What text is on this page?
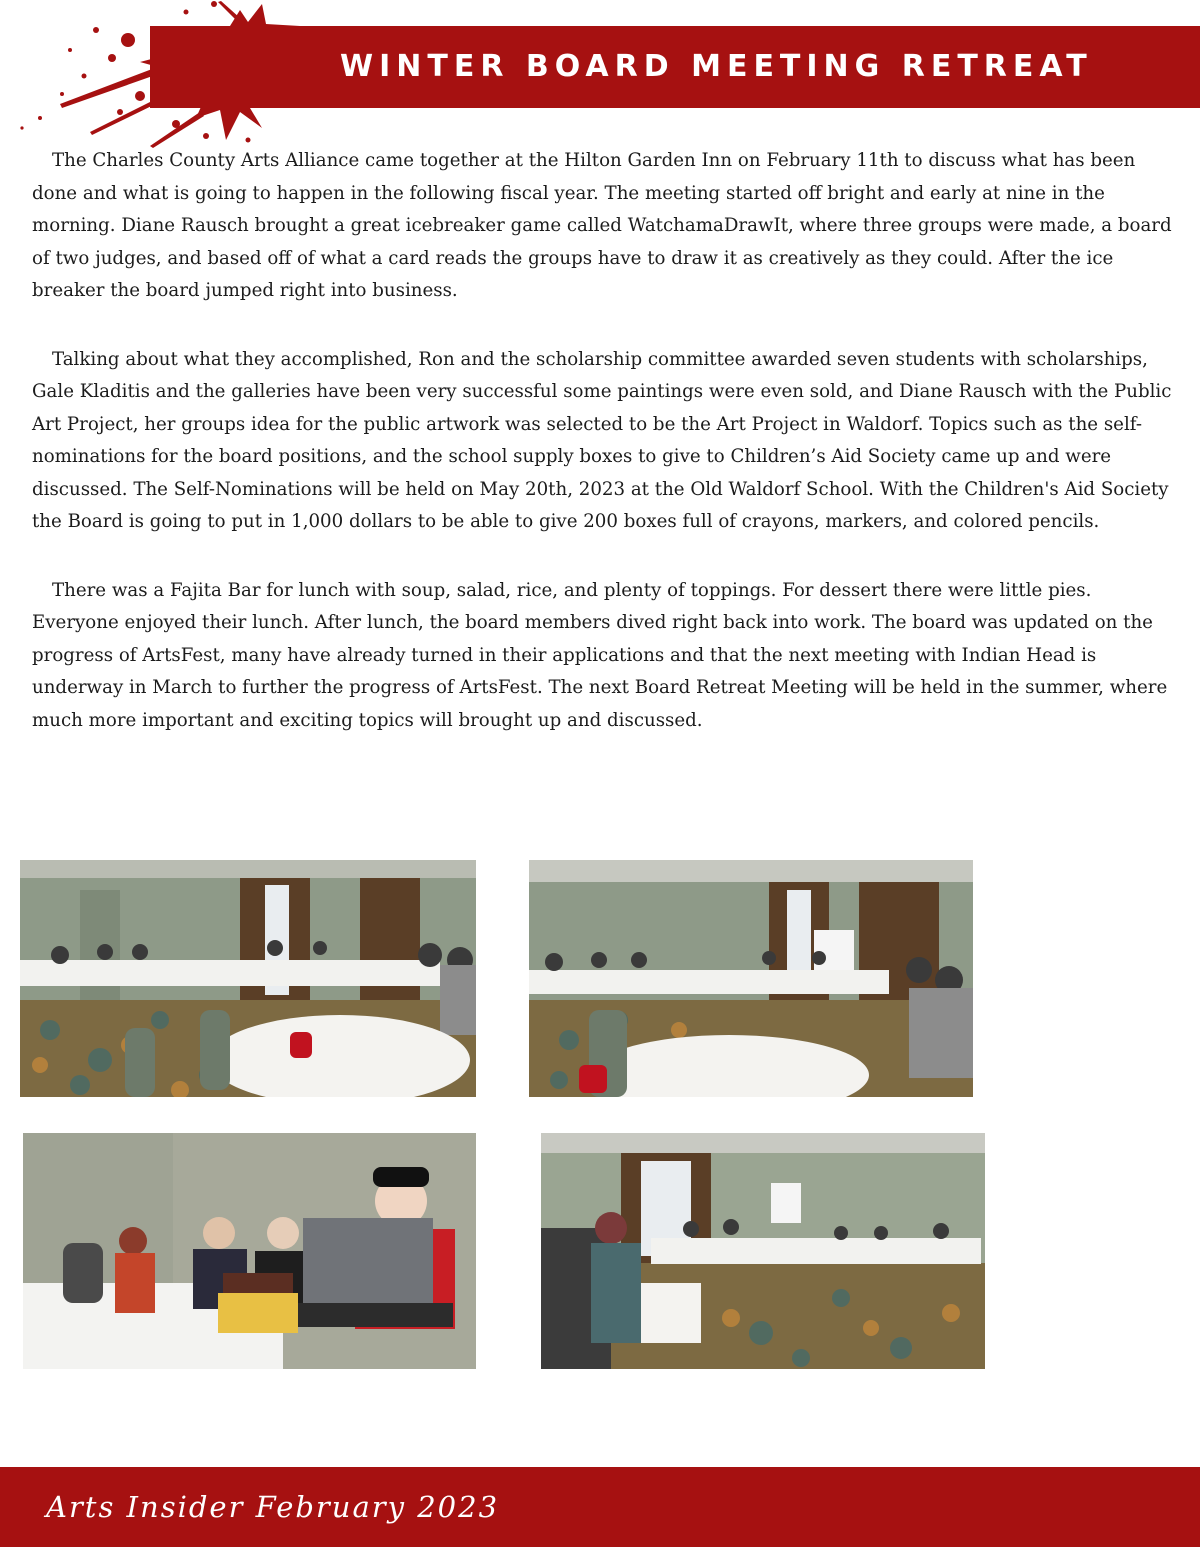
WINTER BOARD MEETING RETREAT

The Charles County Arts Alliance came together at the Hilton Garden Inn on February 11th to discuss what has been done and what is going to happen in the following fiscal year. The meeting started off bright and early at nine in the morning. Diane Rausch brought a great icebreaker game called WatchamaDrawIt, where three groups were made, a board of two judges, and based off of what a card reads the groups have to draw it as creatively as they could. After the ice breaker the board jumped right into business.

Talking about what they accomplished, Ron and the scholarship committee awarded seven students with scholarships, Gale Kladitis and the galleries have been very successful some paintings were even sold, and Diane Rausch with the Public Art Project, her groups idea for the public artwork was selected to be the Art Project in Waldorf. Topics such as the self-nominations for the board positions, and the school supply boxes to give to Children’s Aid Society came up and were discussed. The Self-Nominations will be held on May 20th, 2023 at the Old Waldorf School. With the Children's Aid Society the Board is going to put in 1,000 dollars to be able to give 200 boxes full of crayons, markers, and colored pencils.

There was a Fajita Bar for lunch with soup, salad, rice, and plenty of toppings. For dessert there were little pies. Everyone enjoyed their lunch. After lunch, the board members dived right back into work. The board was updated on the progress of ArtsFest, many have already turned in their applications and that the next meeting with Indian Head is underway in March to further the progress of ArtsFest. The next Board Retreat Meeting will be held in the summer, where much more important and exciting topics will brought up and discussed.

Arts Insider February 2023
